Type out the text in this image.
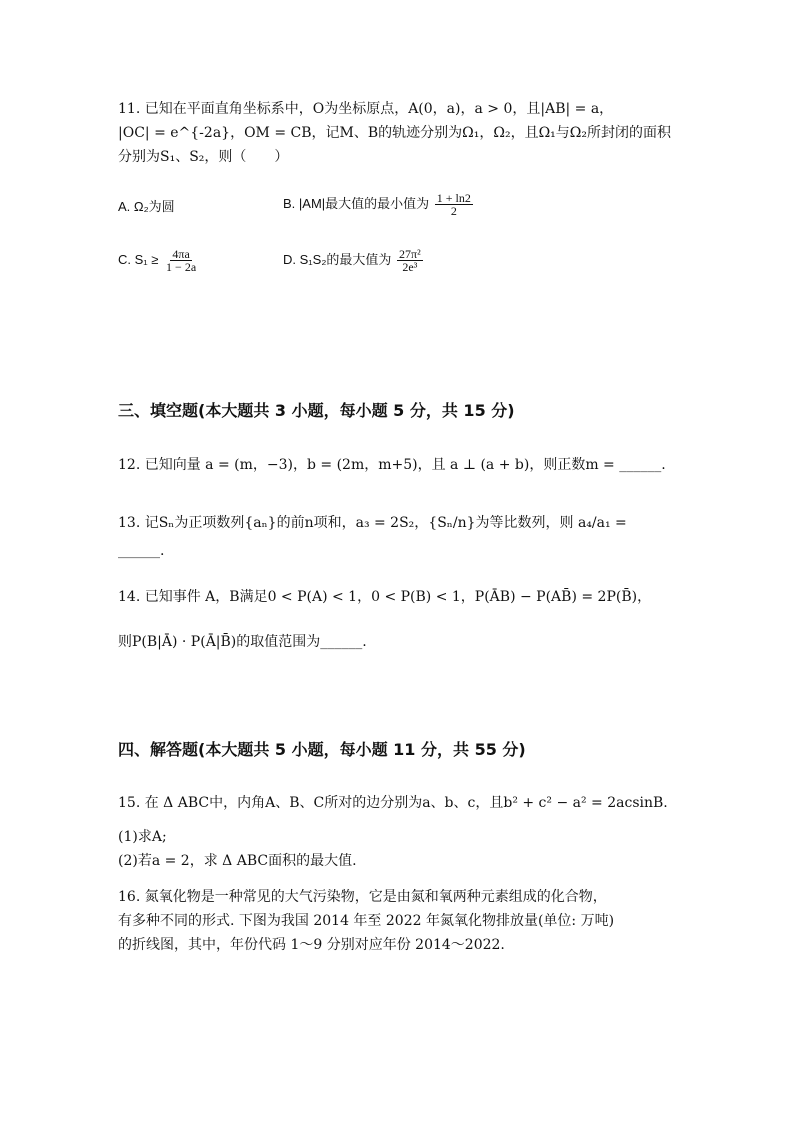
11. 已知在平面直角坐标系中，O为坐标原点，A(0，a)，a > 0，且|AB| = a，
|OC| = e^{-2a}，OM = CB，记M、B的轨迹分别为Ω₁，Ω₂，且Ω₁与Ω₂所封闭的面积
分别为S₁、S₂，则（　　）
A. Ω₂为圆	B. |AM|最大值的最小值为 $\frac{1 + \ln 2}{2}$
C. $S_1 \ge \frac{4\pi a}{1 - 2a}$	D. S₁S₂的最大值为 $\frac{\text{27π²}}{\text{2e³}}$
三、填空题(本大题共 3 小题，每小题 5 分，共 15 分)
12. 已知向量 a = (m，−3)，b = (2m，m+5)，且 a ⊥ (a + b)，则正数m = ______.
13. 记Sₙ为正项数列{aₙ}的前n项和，a₃ = 2S₂，{Sₙ/n}为等比数列，则 a₄/a₁ =
______.
14. 已知事件 A，B满足0 < P(A) < 1，0 < P(B) < 1，P(ĀB) − P(AB̄) = 2P(B̄)，
则P(B|Ā) · P(Ā|B̄)的取值范围为______.
四、解答题(本大题共 5 小题，每小题 11 分，共 55 分)
15. 在 Δ ABC中，内角A、B、C所对的边分别为a、b、c，且b² + c² − a² = 2acsinB.
(1)求A;
(2)若a = 2，求 Δ ABC面积的最大值.
16. 氮氧化物是一种常见的大气污染物，它是由氮和氧两种元素组成的化合物，
有多种不同的形式. 下图为我国 2014 年至 2022 年氮氧化物排放量(单位: 万吨)
的折线图，其中，年份代码 1～9 分别对应年份 2014～2022.
